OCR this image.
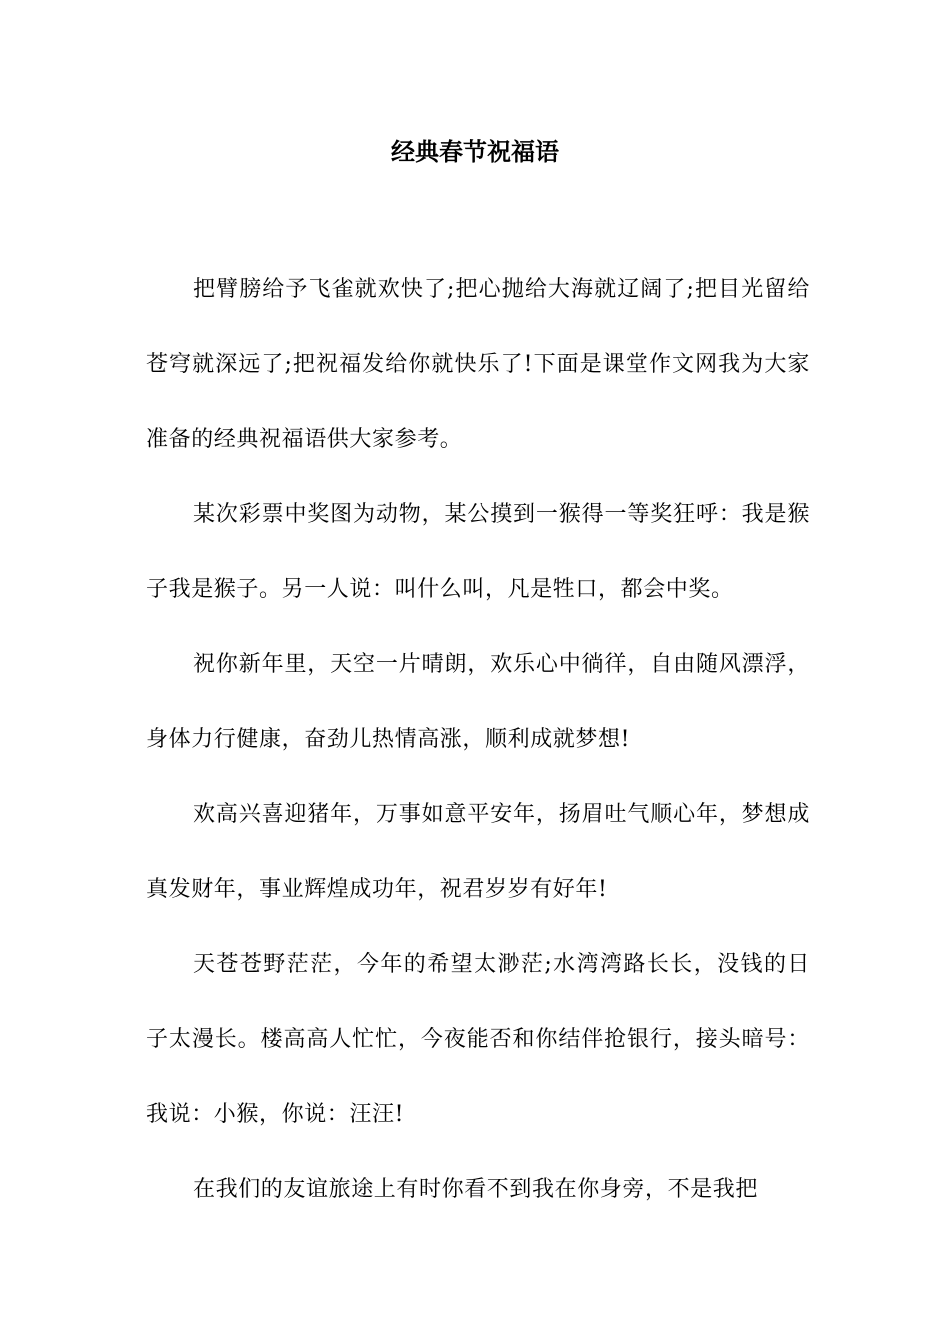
经典春节祝福语

把臂膀给予飞雀就欢快了;把心抛给大海就辽阔了;把目光留给苍穹就深远了;把祝福发给你就快乐了!下面是课堂作文网我为大家准备的经典祝福语供大家参考。

某次彩票中奖图为动物，某公摸到一猴得一等奖狂呼：我是猴子我是猴子。另一人说：叫什么叫，凡是牲口，都会中奖。

祝你新年里，天空一片晴朗，欢乐心中徜徉，自由随风漂浮，身体力行健康，奋劲儿热情高涨，顺利成就梦想!

欢高兴喜迎猪年，万事如意平安年，扬眉吐气顺心年，梦想成真发财年，事业辉煌成功年，祝君岁岁有好年!

天苍苍野茫茫，今年的希望太渺茫;水湾湾路长长，没钱的日子太漫长。楼高高人忙忙，今夜能否和你结伴抢银行，接头暗号：我说：小猴，你说：汪汪!

在我们的友谊旅途上有时你看不到我在你身旁，不是我把
